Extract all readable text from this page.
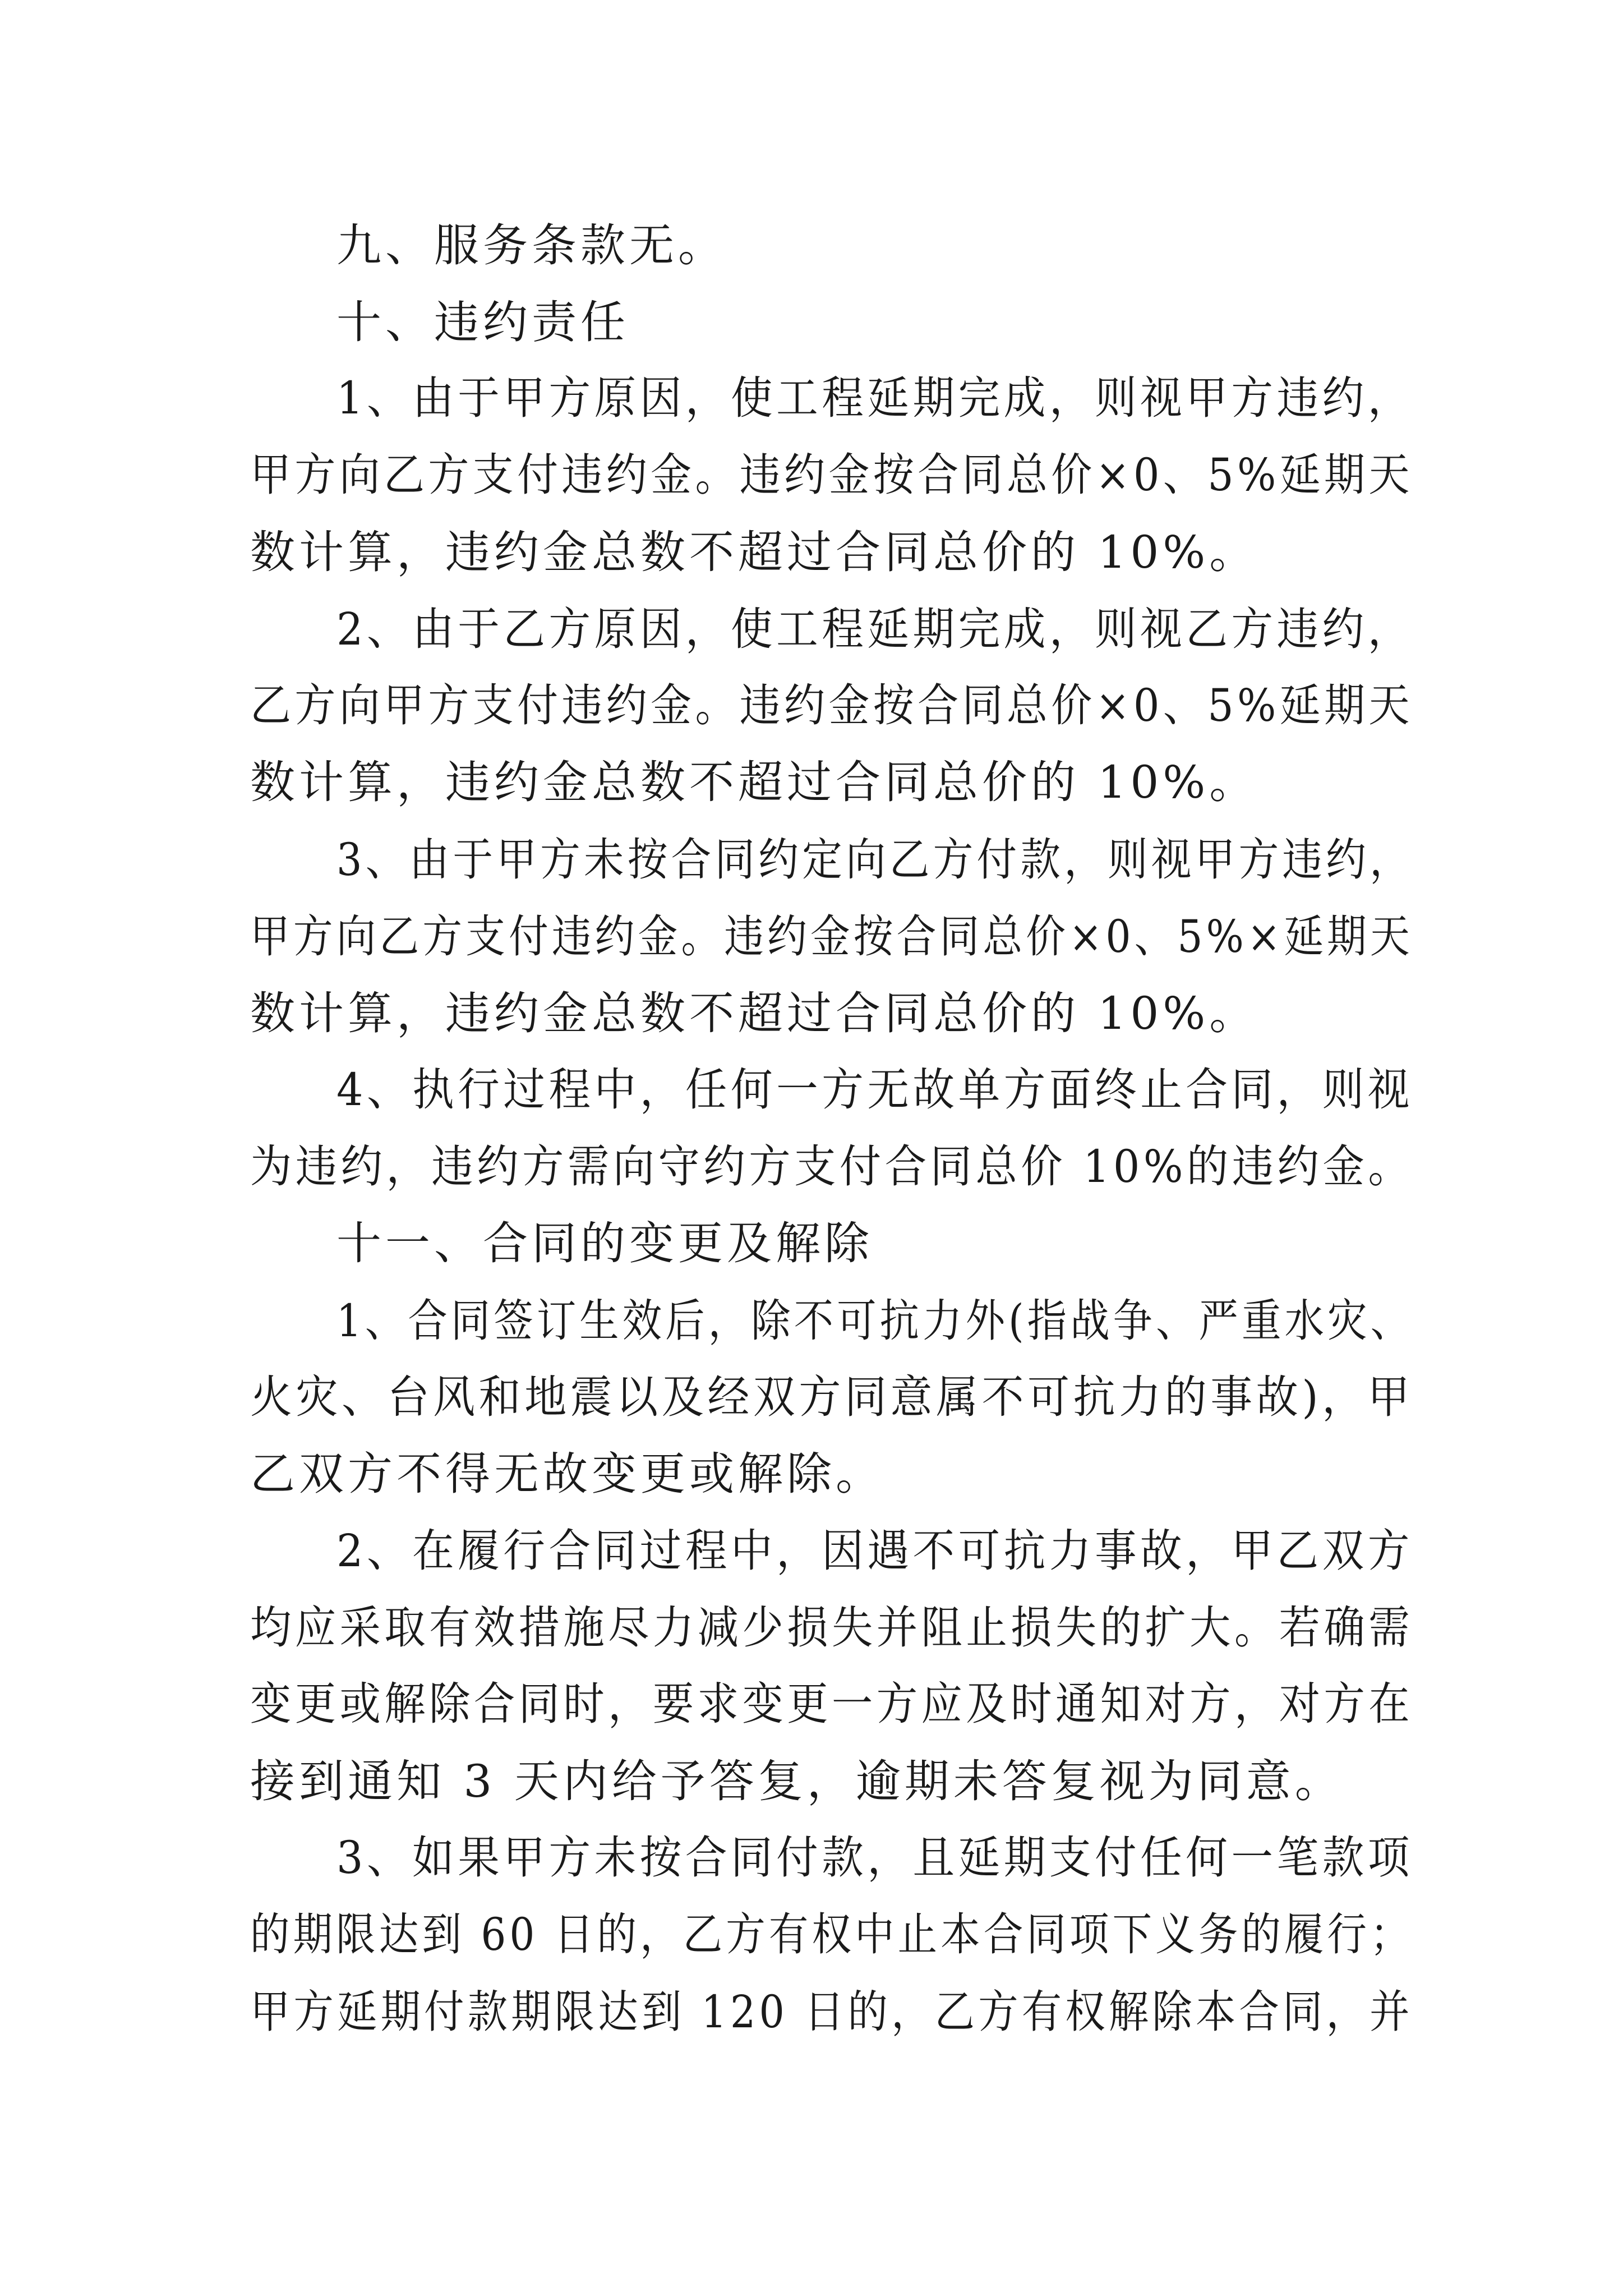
九、服务条款无。
十、违约责任
1、由于甲方原因，使工程延期完成，则视甲方违约，
甲方向乙方支付违约金。违约金按合同总价×0、5%延期天
数计算，违约金总数不超过合同总价的 10%。
2、由于乙方原因，使工程延期完成，则视乙方违约，
乙方向甲方支付违约金。违约金按合同总价×0、5%延期天
数计算，违约金总数不超过合同总价的 10%。
3、由于甲方未按合同约定向乙方付款，则视甲方违约，
甲方向乙方支付违约金。违约金按合同总价×0、5%×延期天
数计算，违约金总数不超过合同总价的 10%。
4、执行过程中，任何一方无故单方面终止合同，则视
为违约，违约方需向守约方支付合同总价 10%的违约金。
十一、合同的变更及解除
1、合同签订生效后，除不可抗力外(指战争、严重水灾、
火灾、台风和地震以及经双方同意属不可抗力的事故)，甲
乙双方不得无故变更或解除。
2、在履行合同过程中，因遇不可抗力事故，甲乙双方
均应采取有效措施尽力减少损失并阻止损失的扩大。若确需
变更或解除合同时，要求变更一方应及时通知对方，对方在
接到通知 3 天内给予答复，逾期未答复视为同意。
3、如果甲方未按合同付款，且延期支付任何一笔款项
的期限达到 60 日的，乙方有权中止本合同项下义务的履行；
甲方延期付款期限达到 120 日的，乙方有权解除本合同，并
